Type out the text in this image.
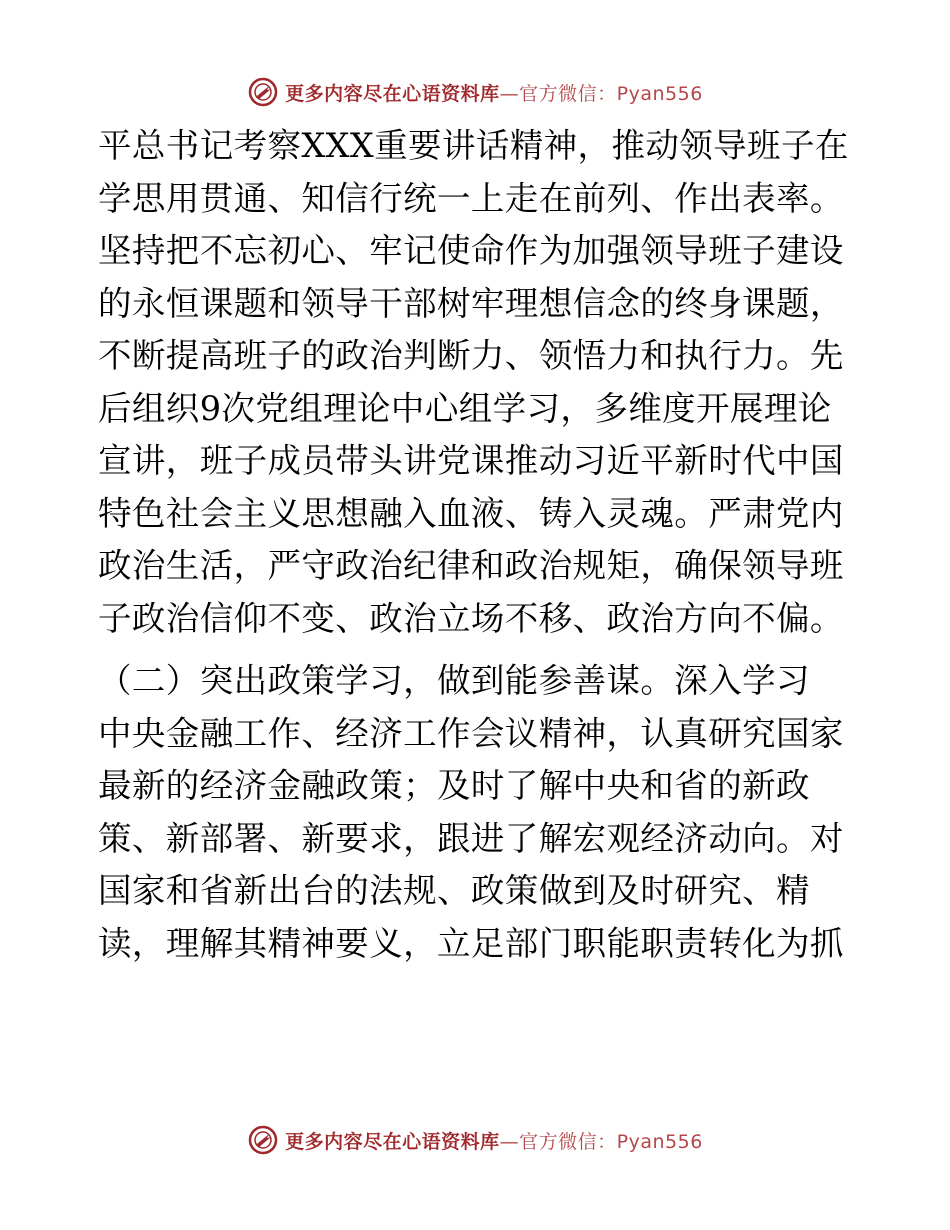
更多内容尽在心语资料库—官方微信：Pyan556
平总书记考察XXX重要讲话精神，推动领导班子在
学思用贯通、知信行统一上走在前列、作出表率。
坚持把不忘初心、牢记使命作为加强领导班子建设
的永恒课题和领导干部树牢理想信念的终身课题，
不断提高班子的政治判断力、领悟力和执行力。先
后组织9次党组理论中心组学习，多维度开展理论
宣讲，班子成员带头讲党课推动习近平新时代中国
特色社会主义思想融入血液、铸入灵魂。严肃党内
政治生活，严守政治纪律和政治规矩，确保领导班
子政治信仰不变、政治立场不移、政治方向不偏。
（二）突出政策学习，做到能参善谋。深入学习
中央金融工作、经济工作会议精神，认真研究国家
最新的经济金融政策；及时了解中央和省的新政
策、新部署、新要求，跟进了解宏观经济动向。对
国家和省新出台的法规、政策做到及时研究、精
读，理解其精神要义，立足部门职能职责转化为抓
更多内容尽在心语资料库—官方微信：Pyan556
